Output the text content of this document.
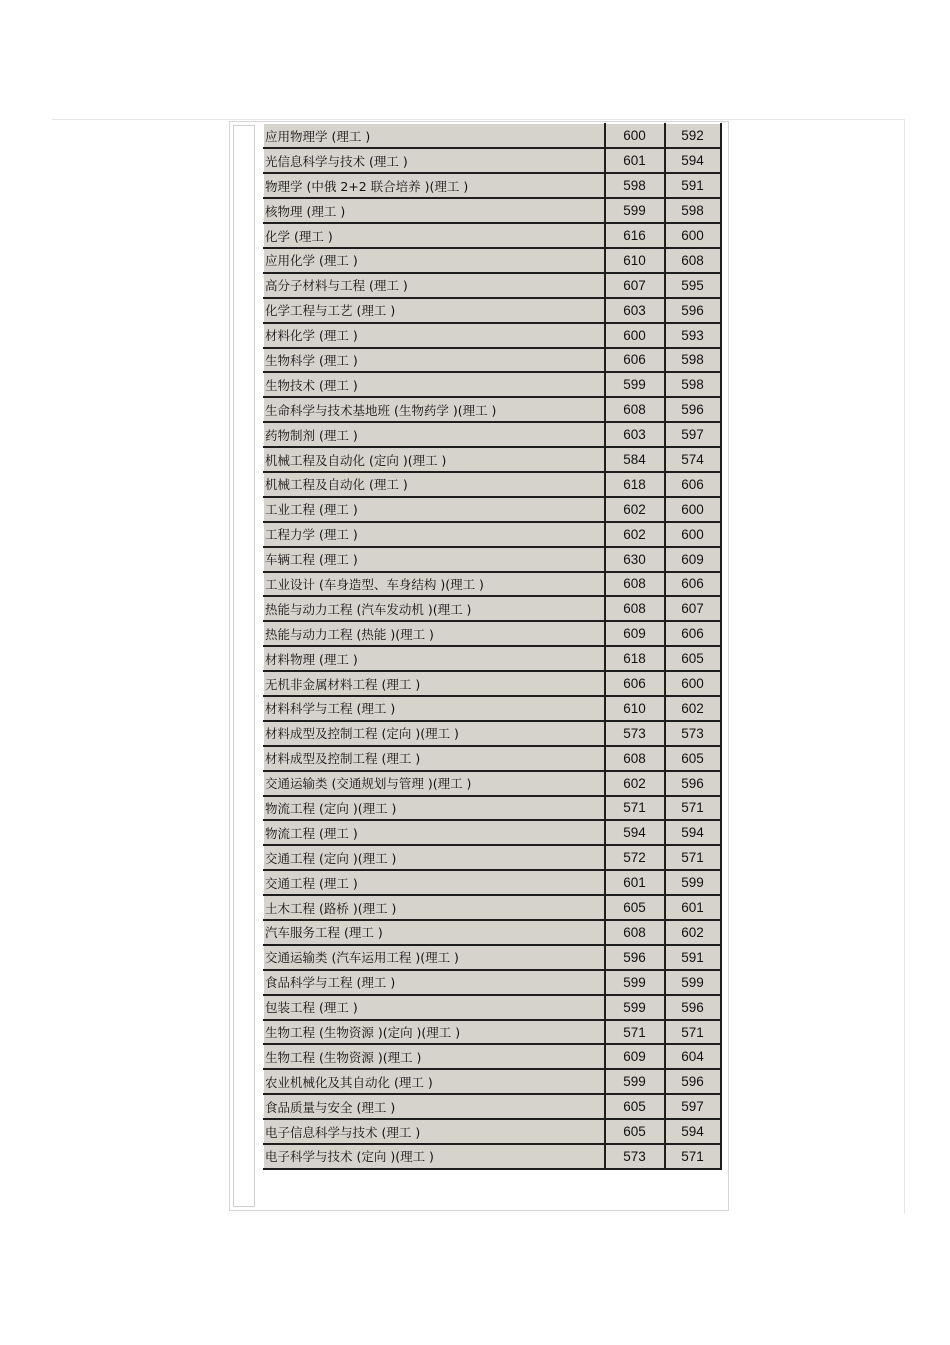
应用物理学 (理工 )	600	592
光信息科学与技术 (理工 )	601	594
物理学 (中俄 2+2 联合培养 )(理工 )	598	591
核物理 (理工 )	599	598
化学 (理工 )	616	600
应用化学 (理工 )	610	608
高分子材料与工程 (理工 )	607	595
化学工程与工艺 (理工 )	603	596
材料化学 (理工 )	600	593
生物科学 (理工 )	606	598
生物技术 (理工 )	599	598
生命科学与技术基地班 (生物药学 )(理工 )	608	596
药物制剂 (理工 )	603	597
机械工程及自动化 (定向 )(理工 )	584	574
机械工程及自动化 (理工 )	618	606
工业工程 (理工 )	602	600
工程力学 (理工 )	602	600
车辆工程 (理工 )	630	609
工业设计 (车身造型、车身结构 )(理工 )	608	606
热能与动力工程 (汽车发动机 )(理工 )	608	607
热能与动力工程 (热能 )(理工 )	609	606
材料物理 (理工 )	618	605
无机非金属材料工程 (理工 )	606	600
材料科学与工程 (理工 )	610	602
材料成型及控制工程 (定向 )(理工 )	573	573
材料成型及控制工程 (理工 )	608	605
交通运输类 (交通规划与管理 )(理工 )	602	596
物流工程 (定向 )(理工 )	571	571
物流工程 (理工 )	594	594
交通工程 (定向 )(理工 )	572	571
交通工程 (理工 )	601	599
土木工程 (路桥 )(理工 )	605	601
汽车服务工程 (理工 )	608	602
交通运输类 (汽车运用工程 )(理工 )	596	591
食品科学与工程 (理工 )	599	599
包装工程 (理工 )	599	596
生物工程 (生物资源 )(定向 )(理工 )	571	571
生物工程 (生物资源 )(理工 )	609	604
农业机械化及其自动化 (理工 )	599	596
食品质量与安全 (理工 )	605	597
电子信息科学与技术 (理工 )	605	594
电子科学与技术 (定向 )(理工 )	573	571
